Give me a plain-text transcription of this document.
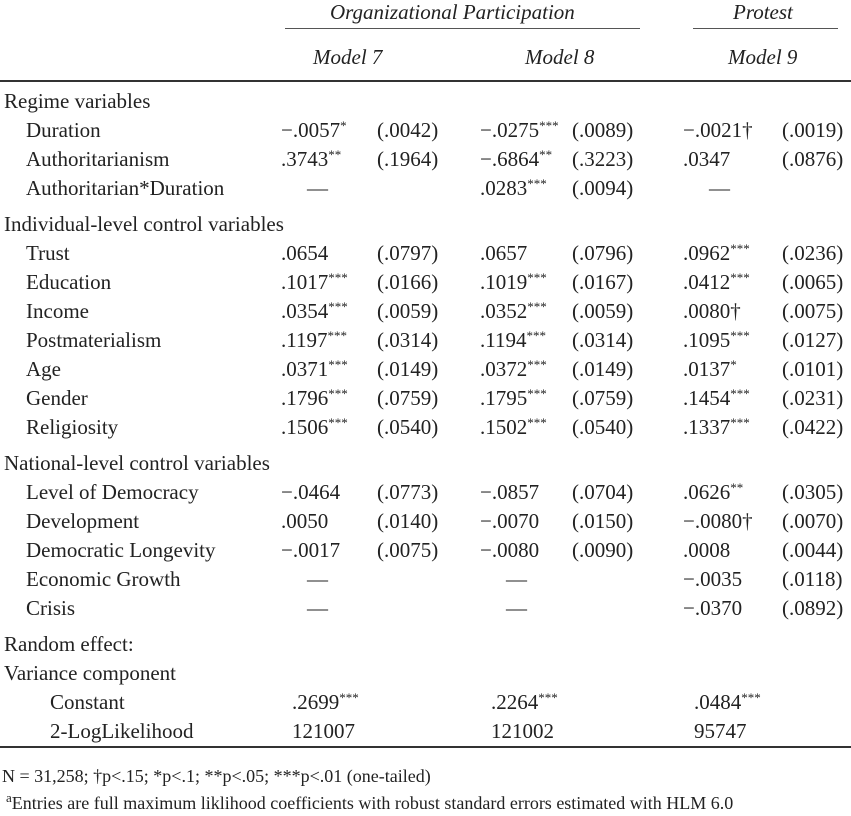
Organizational Participation	Protest
Model 7	Model 8	Model 9
Regime variables
Duration	−.0057* (.0042) −.0275*** (.0089) −.0021† (.0019)
Authoritarianism	.3743** (.1964) −.6864** (.3223) .0347 (.0876)
Authoritarian*Duration	—	.0283*** (.0094)	—
Individual-level control variables
Trust	.0654 (.0797) .0657 (.0796) .0962*** (.0236)
Education	.1017*** (.0166) .1019*** (.0167) .0412*** (.0065)
Income	.0354*** (.0059) .0352*** (.0059) .0080† (.0075)
Postmaterialism	.1197*** (.0314) .1194*** (.0314) .1095*** (.0127)
Age	.0371*** (.0149) .0372*** (.0149) .0137* (.0101)
Gender	.1796*** (.0759) .1795*** (.0759) .1454*** (.0231)
Religiosity	.1506*** (.0540) .1502*** (.0540) .1337*** (.0422)
National-level control variables
Level of Democracy	−.0464 (.0773) −.0857 (.0704) .0626** (.0305)
Development	.0050 (.0140) −.0070 (.0150) −.0080† (.0070)
Democratic Longevity	−.0017 (.0075) −.0080 (.0090) .0008 (.0044)
Economic Growth	—	—	−.0035 (.0118)
Crisis	—	—	−.0370 (.0892)
Random effect:
Variance component
Constant	.2699***	.2264***	.0484***
2-LogLikelihood	121007	121002	95747
N = 31,258; †p<.15; *p<.1; **p<.05; ***p<.01 (one-tailed)
$^a$Entries are full maximum liklihood coefficients with robust standard errors estimated with HLM 6.0
